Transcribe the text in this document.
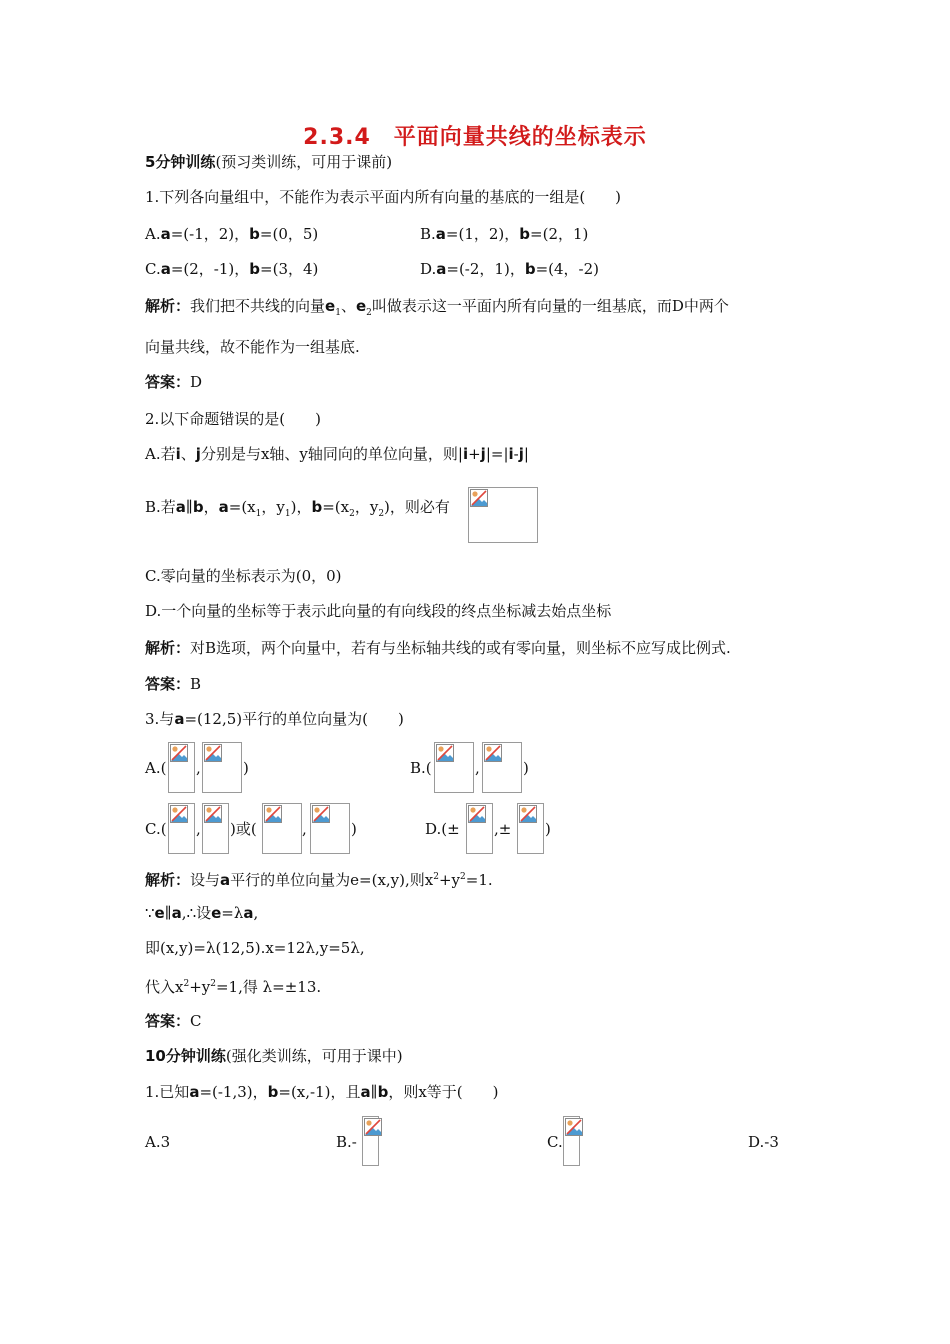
2.3.4　平面向量共线的坐标表示
5分钟训练(预习类训练，可用于课前)
1.下列各向量组中，不能作为表示平面内所有向量的基底的一组是(　　)
A.a=(-1，2)，b=(0，5)	B.a=(1，2)，b=(2，1)
C.a=(2，-1)，b=(3，4)	D.a=(-2，1)，b=(4，-2)
解析：我们把不共线的向量$e_1$、$e_2$叫做表示这一平面内所有向量的一组基底，而D中两个
向量共线，故不能作为一组基底.
答案：D
2.以下命题错误的是(　　)
A.若i、j分别是与x轴、y轴同向的单位向量，则|i+j|=|i-j|
B.若a∥b，$a=(x_1$，$y_1$)，$b=(x_2$，$y_2$)，则必有
C.零向量的坐标表示为(0，0)
D.一个向量的坐标等于表示此向量的有向线段的终点坐标减去始点坐标
解析：对B选项，两个向量中，若有与坐标轴共线的或有零向量，则坐标不应写成比例式.
答案：B
3.与a=(12,5)平行的单位向量为(　　)
A.( ,	)	B.(	,	)
C.( , )或(	,	)	D.(± ,± )
解析：设与a平行的单位向量为e=(x,y),则$x^2+y^2=1$.
∵e∥a,∴设e=λa,
即(x,y)=λ(12,5).x=12λ,y=5λ,
代入$x^2+y^2=1$,得 λ=±13.
答案：C
10分钟训练(强化类训练，可用于课中)
1.已知a=(-1,3)，b=(x,-1)，且a∥b，则x等于(　　)
A.3	B.-	C.	D.-3
